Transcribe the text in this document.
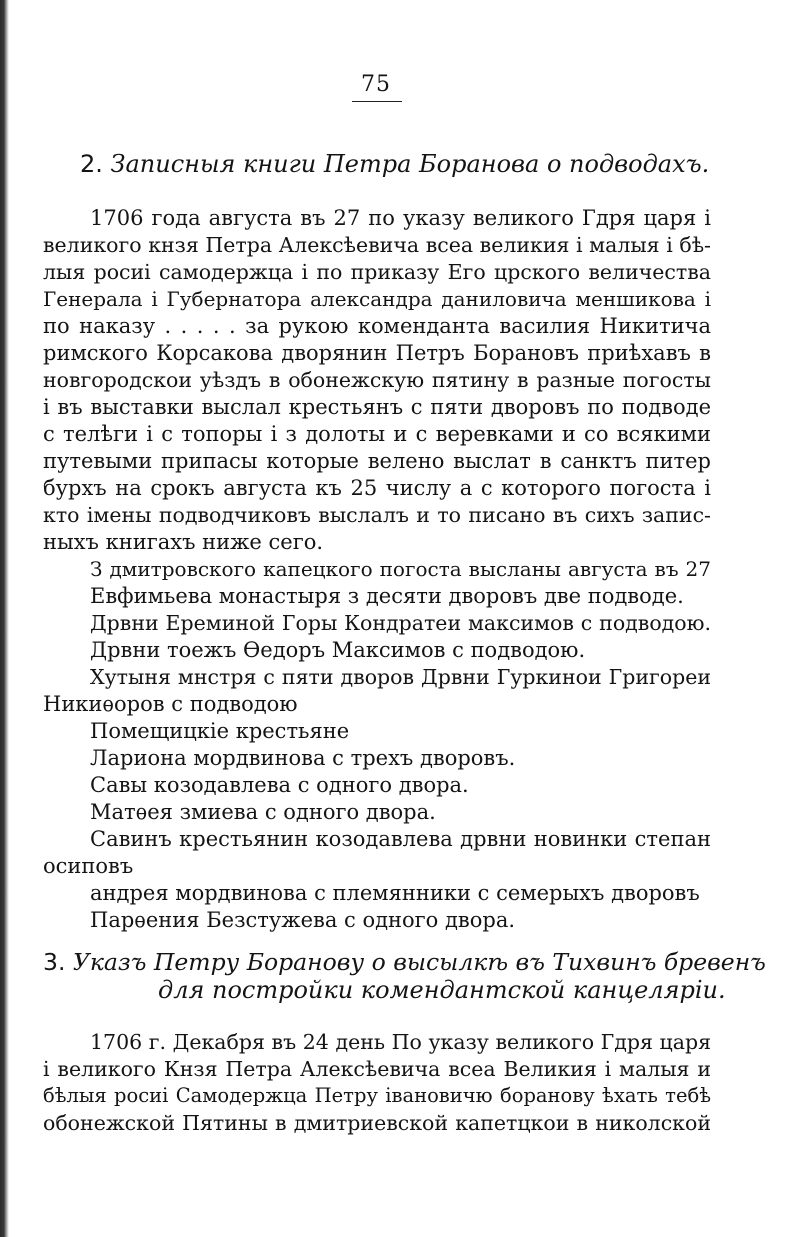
75
2. Записныя книги Петра Боранова о подводахъ.
1706 года августа въ 27 по указу великого Гдря царя і
великого кнзя Петра Алексѣевича всеа великия і малыя і бѣ-
лыя росиі самодержца і по приказу Его црского величества
Генерала і Губернатора александра даниловича меншикова і
по наказу . . . . . за рукою коменданта василия Никитича
римского Корсакова дворянин Петръ Борановъ приѣхавъ в
новгородскои уѣздъ в обонежскую пятину в разные погосты
і въ выставки выслал крестьянъ с пяти дворовъ по подводе
с телѣги і с топоры і з долоты и с веревками и со всякими
путевыми припасы которые велено выслат в санктъ питер
бурхъ на срокъ августа къ 25 числу а с которого погоста і
кто імены подводчиковъ выслалъ и то писано въ сихъ запис-
ныхъ книгахъ ниже сего.
З дмитровского капецкого погоста высланы августа въ 27
Евфимьева монастыря з десяти дворовъ две подводе.
Дрвни Ереминой Горы Кондратеи максимов с подводою.
Дрвни тоежъ Ѳедоръ Максимов с подводою.
Хутыня мнстря с пяти дворов Дрвни Гуркинои Григореи
Никиѳоров с подводою
Помещицкіе крестьяне
Лариона мордвинова с трехъ дворовъ.
Савы козодавлева с одного двора.
Матѳея змиева с одного двора.
Савинъ крестьянин козодавлева дрвни новинки степан
осиповъ
андрея мордвинова с племянники с семерыхъ дворовъ
Парѳения Безстужева с одного двора.
3. Указъ Петру Боранову о высылкѣ въ Тихвинъ бревенъ
для постройки комендантской канцеляріи.
1706 г. Декабря въ 24 день По указу великого Гдря царя
і великого Кнзя Петра Алексѣевича всеа Великия і малыя и
бѣлыя росиі Самодержца Петру івановичю боранову ѣхать тебѣ
обонежской Пятины в дмитриевской капетцкои в николской
